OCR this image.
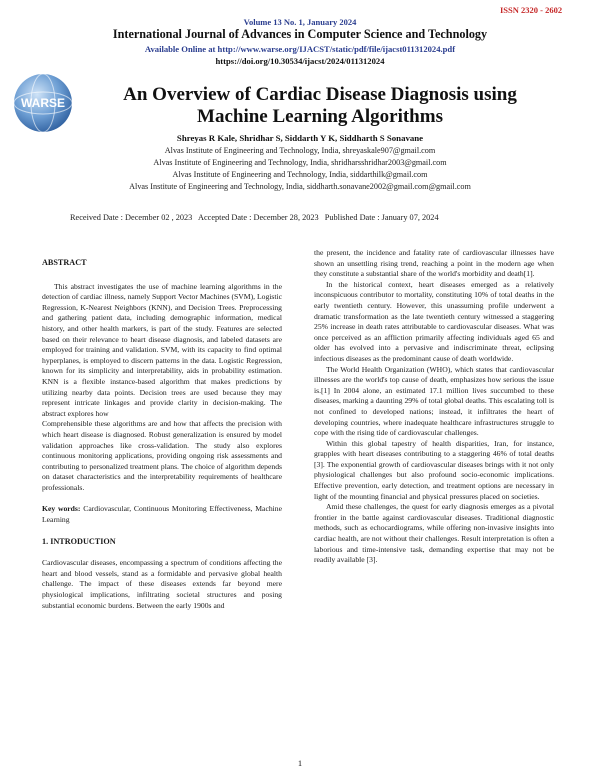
ISSN 2320 - 2602
Volume 13 No. 1, January 2024
International Journal of Advances in Computer Science and Technology
Available Online at http://www.warse.org/IJACST/static/pdf/file/ijacst011312024.pdf
https://doi.org/10.30534/ijacst/2024/011312024
WARSE	An Overview of Cardiac Disease Diagnosis using
Machine Learning Algorithms
Shreyas R Kale, Shridhar S, Siddarth Y K, Siddharth S Sonavane
Alvas Institute of Engineering and Technology, India, shreyaskale907@gmail.com
Alvas Institute of Engineering and Technology, India, shridharsshridhar2003@gmail.com
Alvas Institute of Engineering and Technology, India, siddarthilk@gmail.com
Alvas Institute of Engineering and Technology, India, siddharth.sonavane2002@gmail.com@gmail.com
Received Date : December 02 , 2023 Accepted Date : December 28, 2023 Published Date : January 07, 2024

ABSTRACT

This abstract investigates the use of machine learning algorithms in the detection of cardiac illness, namely Support Vector Machines (SVM), Logistic Regression, K-Nearest Neighbors (KNN), and Decision Trees. Preprocessing and gathering patient data, including demographic information, medical history, and other health markers, is part of the study. Features are selected based on their relevance to heart disease diagnosis, and labeled datasets are employed for training and validation. SVM, with its capacity to find optimal hyperplanes, is employed to discern patterns in the data. Logistic Regression, known for its simplicity and interpretability, aids in probability estimation. KNN is a flexible instance-based algorithm that makes predictions by utilizing nearby data points. Decision trees are used because they may represent intricate linkages and provide clarity in decision-making. The abstract explores how

Comprehensible these algorithms are and how that affects the precision with which heart disease is diagnosed. Robust generalization is ensured by model validation approaches like cross-validation. The study also explores continuous monitoring applications, providing ongoing risk assessments and contributing to personalized treatment plans. The choice of algorithm depends on dataset characteristics and the interpretability requirements of healthcare professionals.

Key words: Cardiovascular, Continuous Monitoring Effectiveness, Machine Learning

1. INTRODUCTION

Cardiovascular diseases, encompassing a spectrum of conditions affecting the heart and blood vessels, stand as a formidable and pervasive global health challenge. The impact of these diseases extends far beyond mere physiological implications, infiltrating societal structures and posing substantial economic burdens. Between the early 1900s and

the present, the incidence and fatality rate of cardiovascular illnesses have shown an unsettling rising trend, reaching a point in the modern age when they constitute a substantial share of the world's morbidity and death[1].

In the historical context, heart diseases emerged as a relatively inconspicuous contributor to mortality, constituting 10% of total deaths in the early twentieth century. However, this unassuming profile underwent a dramatic transformation as the late twentieth century witnessed a staggering 25% increase in death rates attributable to cardiovascular diseases. What was once perceived as an affliction primarily affecting individuals aged 65 and older has evolved into a pervasive and indiscriminate threat, eclipsing infectious diseases as the predominant cause of death worldwide.

The World Health Organization (WHO), which states that cardiovascular illnesses are the world's top cause of death, emphasizes how serious the issue is.[1] In 2004 alone, an estimated 17.1 million lives succumbed to these diseases, marking a daunting 29% of total global deaths. This escalating toll is not confined to developed nations; instead, it infiltrates the heart of developing countries, where inadequate healthcare infrastructures struggle to cope with the rising tide of cardiovascular challenges.

Within this global tapestry of health disparities, Iran, for instance, grapples with heart diseases contributing to a staggering 46% of total deaths [3]. The exponential growth of cardiovascular diseases brings with it not only physiological challenges but also profound socio-economic implications. Effective prevention, early detection, and treatment options are necessary in light of the mounting financial and physical pressures placed on societies.

Amid these challenges, the quest for early diagnosis emerges as a pivotal frontier in the battle against cardiovascular diseases. Traditional diagnostic methods, such as echocardiograms, while offering non-invasive insights into cardiac health, are not without their challenges. Result interpretation is often a laborious and time-intensive task, demanding expertise that may not be readily available [3].

1
